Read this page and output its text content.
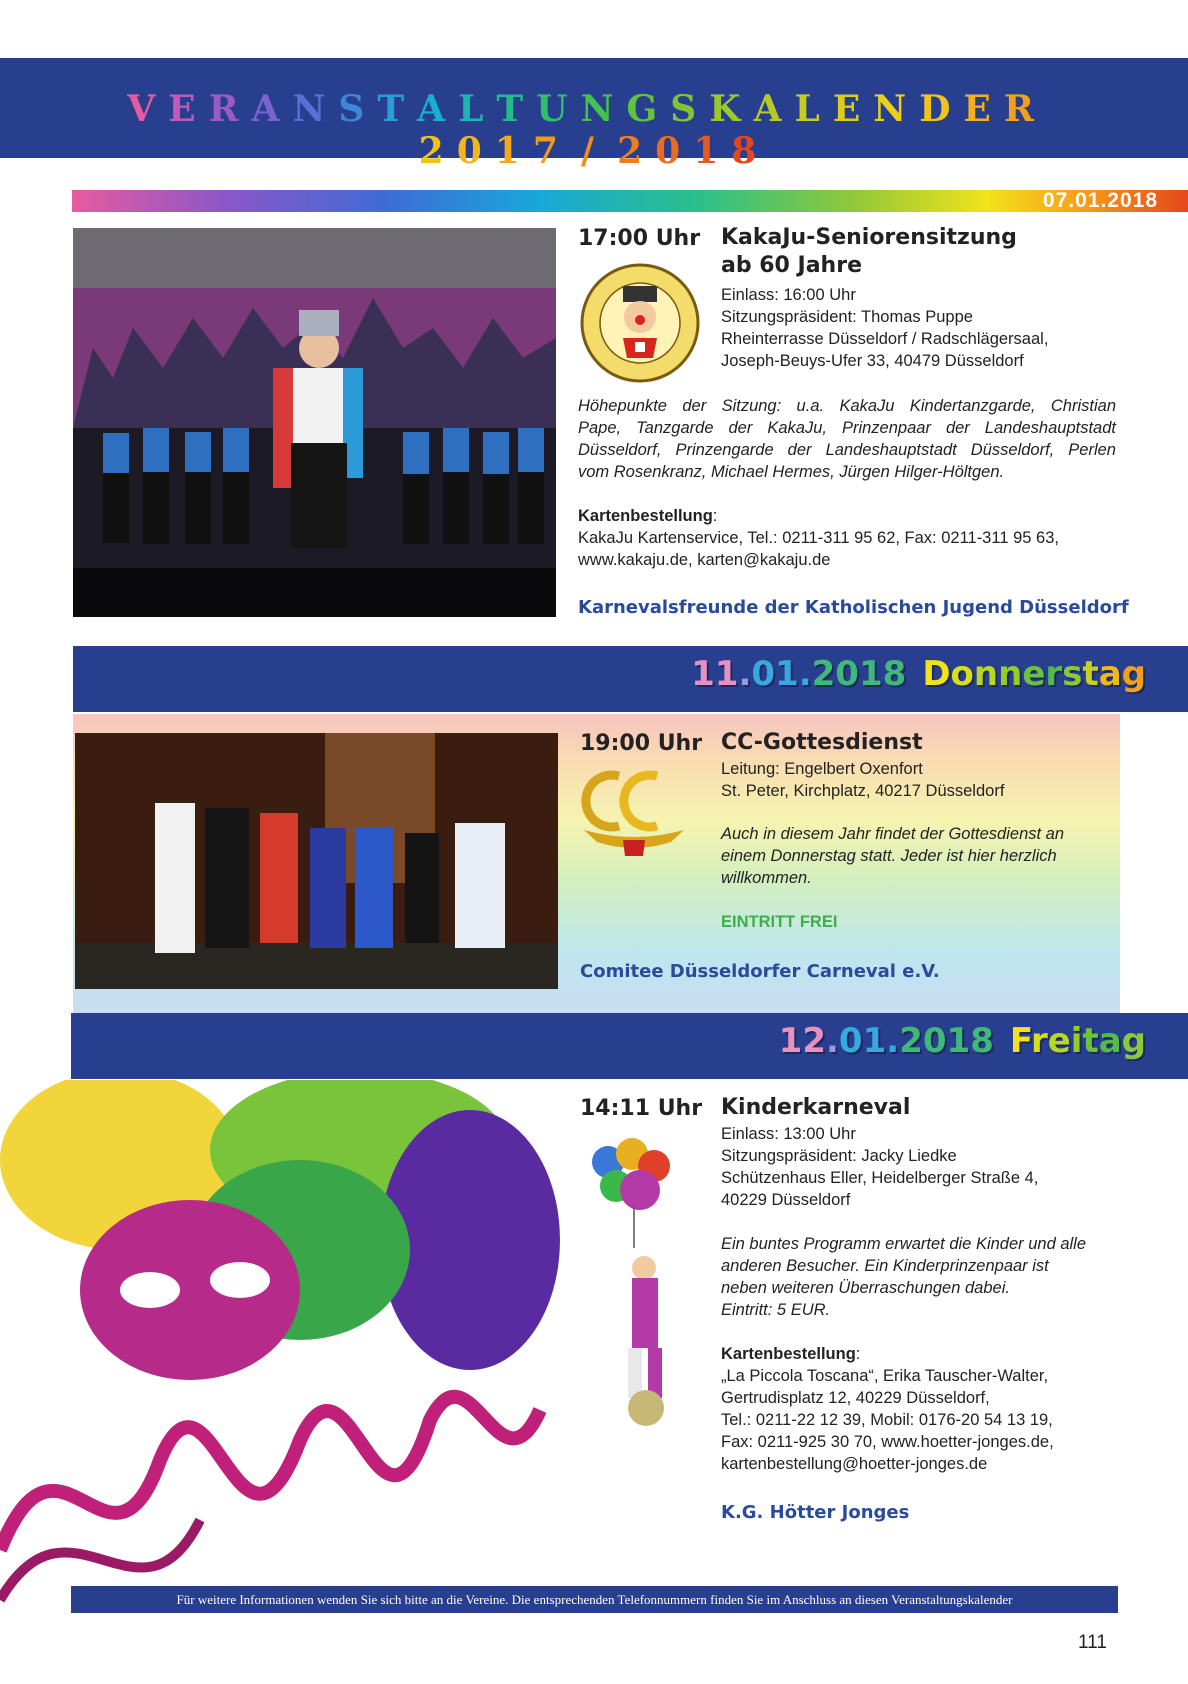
VERANSTALTUNGSKALENDER2017 / 2018
07.01.2018
17:00 Uhr KakaJu-Seniorensitzung
ab 60 Jahre
Einlass: 16:00 Uhr
Sitzungspräsident: Thomas Puppe
Rheinterrasse Düsseldorf / Radschlägersaal,
Joseph-Beuys-Ufer 33, 40479 Düsseldorf
Höhepunkte der Sitzung: u.a. KakaJu Kindertanzgarde, Christian
Pape, Tanzgarde der KakaJu, Prinzenpaar der Landeshauptstadt
Düsseldorf, Prinzengarde der Landeshauptstadt Düsseldorf, Perlen
vom Rosenkranz, Michael Hermes, Jürgen Hilger-Höltgen.
Kartenbestellung:
KakaJu Kartenservice, Tel.: 0211-311 95 62, Fax: 0211-311 95 63,
www.kakaju.de, karten@kakaju.de
Karnevalsfreunde der Katholischen Jugend Düsseldorf
11.01.2018 Donnerstag
19:00 Uhr CC-Gottesdienst
Leitung: Engelbert Oxenfort
St. Peter, Kirchplatz, 40217 Düsseldorf
Auch in diesem Jahr findet der Gottesdienst an
einem Donnerstag statt. Jeder ist hier herzlich
willkommen.
EINTRITT FREI
Comitee Düsseldorfer Carneval e.V.
12.01.2018 Freitag
14:11 Uhr Kinderkarneval
Einlass: 13:00 Uhr
Sitzungspräsident: Jacky Liedke
Schützenhaus Eller, Heidelberger Straße 4,
40229 Düsseldorf
Ein buntes Programm erwartet die Kinder und alle
anderen Besucher. Ein Kinderprinzenpaar ist
neben weiteren Überraschungen dabei.
Eintritt: 5 EUR.
Kartenbestellung:
„La Piccola Toscana“, Erika Tauscher-Walter,
Gertrudisplatz 12, 40229 Düsseldorf,
Tel.: 0211-22 12 39, Mobil: 0176-20 54 13 19,
Fax: 0211-925 30 70, www.hoetter-jonges.de,
kartenbestellung@hoetter-jonges.de
K.G. Hötter Jonges
Für weitere Informationen wenden Sie sich bitte an die Vereine. Die entsprechenden Telefonnummern finden Sie im Anschluss an diesen Veranstaltungskalender
111
